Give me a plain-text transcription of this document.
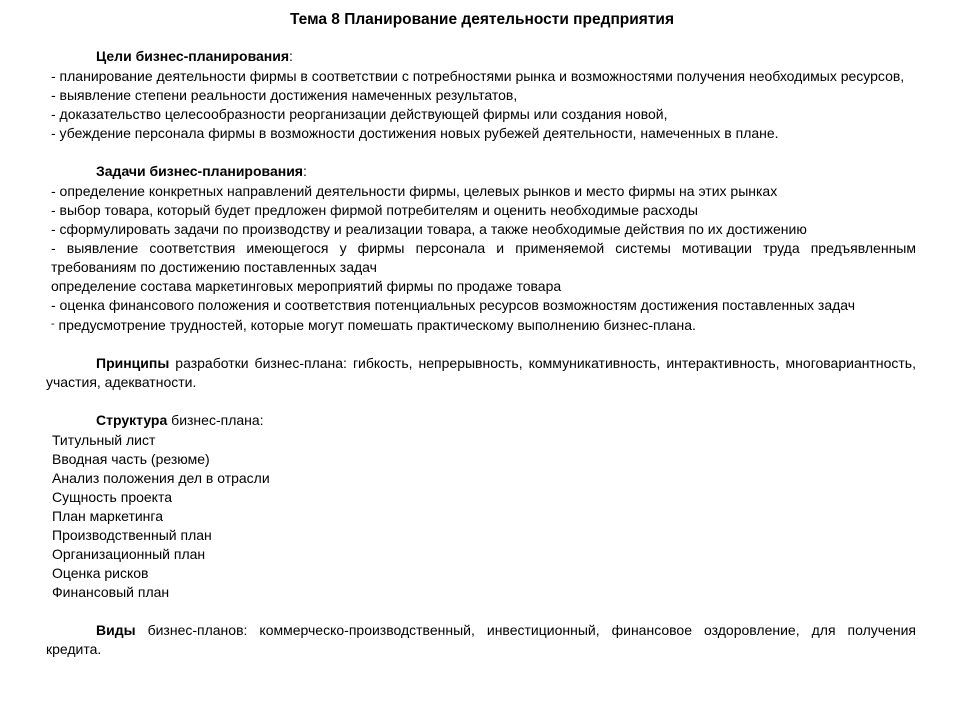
Тема 8 Планирование деятельности предприятия
Цели бизнес-планирования:
- планирование деятельности фирмы в соответствии с потребностями рынка и возможностями получения необходимых ресурсов,
- выявление степени реальности достижения намеченных результатов,
- доказательство целесообразности реорганизации действующей фирмы или создания новой,
- убеждение персонала фирмы в возможности достижения новых рубежей деятельности, намеченных в плане.
Задачи бизнес-планирования:
- определение конкретных направлений деятельности фирмы, целевых рынков и место фирмы на этих рынках
- выбор товара, который будет предложен фирмой потребителям и оценить необходимые расходы
- сформулировать задачи по производству и реализации товара, а также необходимые действия по их достижению
- выявление соответствия имеющегося у фирмы персонала и применяемой системы мотивации труда предъявленным требованиям по достижению поставленных задач
определение состава маркетинговых мероприятий фирмы по продаже товара
- оценка финансового положения и соответствия потенциальных ресурсов возможностям достижения поставленных задач
- предусмотрение трудностей, которые могут помешать практическому выполнению бизнес-плана.
Принципы разработки бизнес-плана: гибкость, непрерывность, коммуникативность, интерактивность, многовариантность, участия, адекватности.
Структура бизнес-плана:
Титульный лист
Вводная часть (резюме)
Анализ положения дел в отрасли
Сущность проекта
План маркетинга
Производственный план
Организационный план
Оценка рисков
Финансовый план
Виды бизнес-планов: коммерческо-производственный, инвестиционный, финансовое оздоровление, для получения кредита.
